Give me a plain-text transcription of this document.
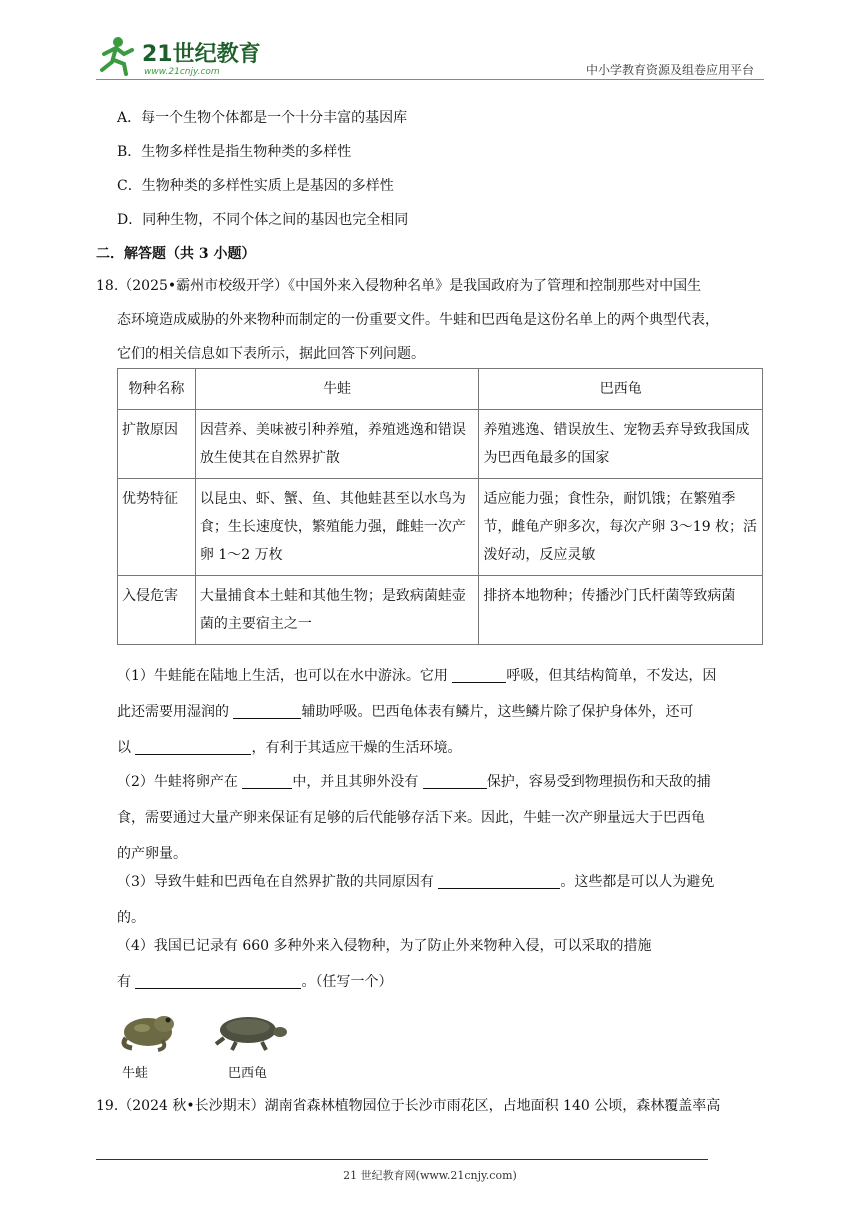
21世纪教育
www.21cnjy.com	中小学教育资源及组卷应用平台
A．每一个生物个体都是一个十分丰富的基因库
B．生物多样性是指生物种类的多样性
C．生物种类的多样性实质上是基因的多样性
D．同种生物，不同个体之间的基因也完全相同
二．解答题（共 3 小题）
18.（2025•霸州市校级开学）《中国外来入侵物种名单》是我国政府为了管理和控制那些对中国生
态环境造成威胁的外来物种而制定的一份重要文件。牛蛙和巴西龟是这份名单上的两个典型代表，
它们的相关信息如下表所示，据此回答下列问题。
物种名称	牛蛙	巴西龟
扩散原因	因营养、美味被引种养殖，养殖逃逸和错误放生使其在自然界扩散	养殖逃逸、错误放生、宠物丢弃导致我国成为巴西龟最多的国家
优势特征	以昆虫、虾、蟹、鱼、其他蛙甚至以水鸟为食；生长速度快，繁殖能力强，雌蛙一次产卵 1～2 万枚	适应能力强；食性杂，耐饥饿；在繁殖季节，雌龟产卵多次，每次产卵 3～19 枚；活泼好动，反应灵敏
入侵危害	大量捕食本土蛙和其他生物；是致病菌蛙壶菌的主要宿主之一	排挤本地物种；传播沙门氏杆菌等致病菌
（1）牛蛙能在陆地上生活，也可以在水中游泳。它用	呼吸，但其结构简单，不发达，因
此还需要用湿润的	辅助呼吸。巴西龟体表有鳞片，这些鳞片除了保护身体外，还可
以	，有利于其适应干燥的生活环境。
（2）牛蛙将卵产在	中，并且其卵外没有	保护，容易受到物理损伤和天敌的捕
食，需要通过大量产卵来保证有足够的后代能够存活下来。因此，牛蛙一次产卵量远大于巴西龟
的产卵量。
（3）导致牛蛙和巴西龟在自然界扩散的共同原因有	。这些都是可以人为避免
的。
（4）我国已记录有 660 多种外来入侵物种，为了防止外来物种入侵，可以采取的措施
有	。（任写一个）
牛蛙	巴西龟
19.（2024 秋•长沙期末）湖南省森林植物园位于长沙市雨花区，占地面积 140 公顷，森林覆盖率高
21 世纪教育网(www.21cnjy.com)
